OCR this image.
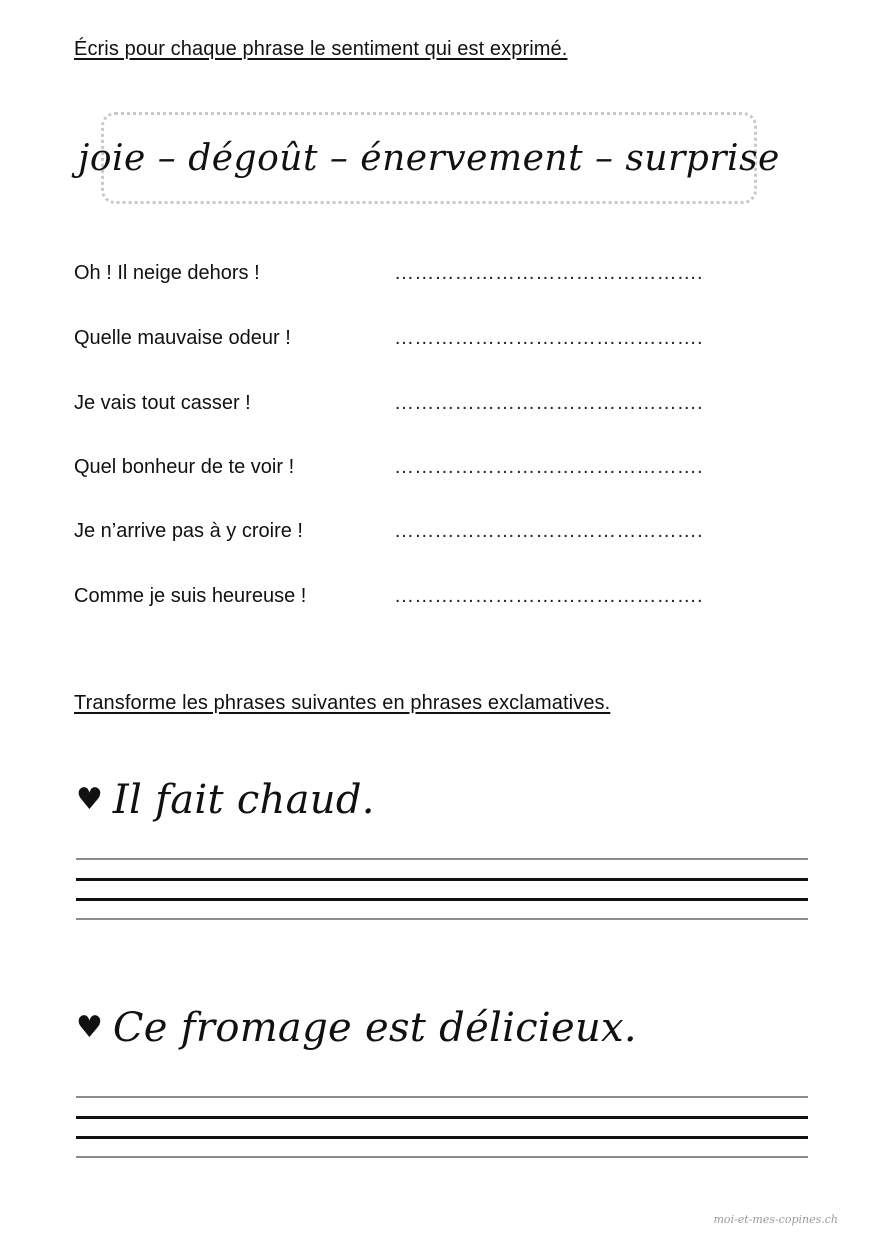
Écris pour chaque phrase le sentiment qui est exprimé.
joie – dégoût – énervement – surprise
Oh ! Il neige dehors !	……………………………………….
Quelle mauvaise odeur !	……………………………………….
Je vais tout casser !	……………………………………….
Quel bonheur de te voir !	……………………………………….
Je n’arrive pas à y croire !	……………………………………….
Comme je suis heureuse !	……………………………………….
Transforme les phrases suivantes en phrases exclamatives.
♥ Il fait chaud.
♥ Ce fromage est délicieux.
moi-et-mes-copines.ch
